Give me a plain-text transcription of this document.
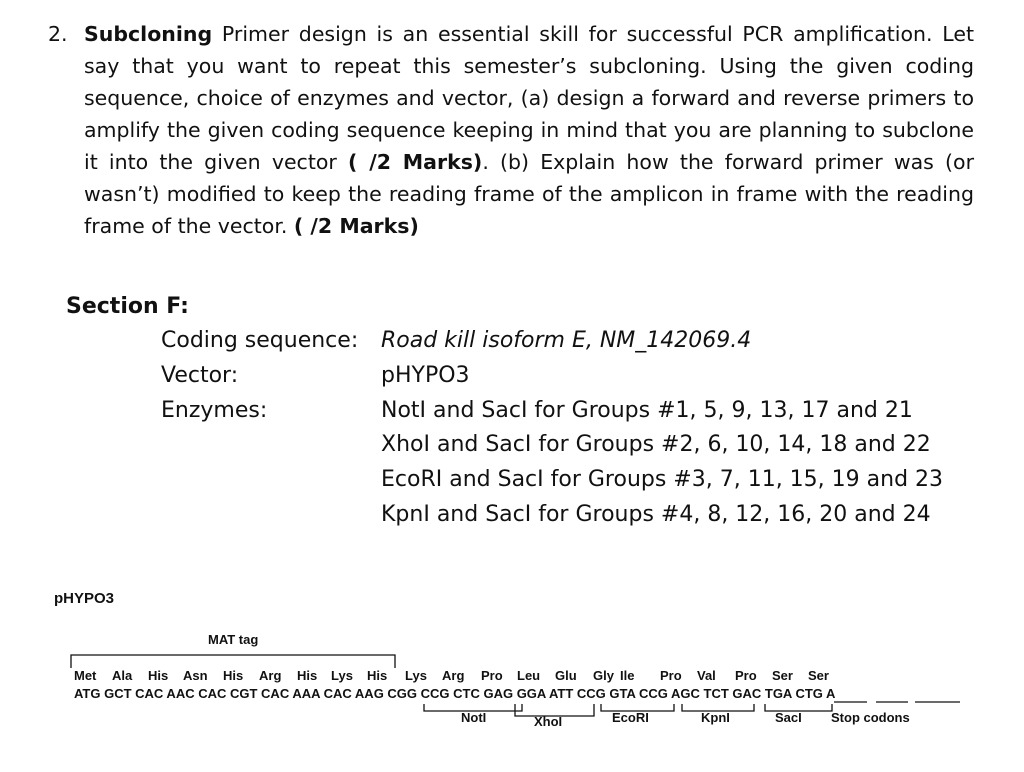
2. Subcloning Primer design is an essential skill for successful PCR amplification. Let say that you want to repeat this semester’s subcloning. Using the given coding sequence, choice of enzymes and vector, (a) design a forward and reverse primers to amplify the given coding sequence keeping in mind that you are planning to subclone it into the given vector ( /2 Marks). (b) Explain how the forward primer was (or wasn’t) modified to keep the reading frame of the amplicon in frame with the reading frame of the vector. ( /2 Marks)
Section F:
Coding sequence: Road kill isoform E, NM_142069.4
Vector:	pHYPO3
Enzymes:	NotI and SacI for Groups #1, 5, 9, 13, 17 and 21
XhoI and SacI for Groups #2, 6, 10, 14, 18 and 22
EcoRI and SacI for Groups #3, 7, 11, 15, 19 and 23
KpnI and SacI for Groups #4, 8, 12, 16, 20 and 24
pHYPO3
MAT tag
Met Ala His Asn His Arg His Lys His Lys Arg Pro Leu Glu Gly Ile Pro Val Pro Ser Ser
ATG GCT CAC AAC CAC CGT CAC AAA CAC AAG CGG CCG CTC GAG GGA ATT CCG GTA CCG AGC TCT GAC TGA CTG A
NotI	XhoI	EcoRI	KpnI	SacI Stop codons
